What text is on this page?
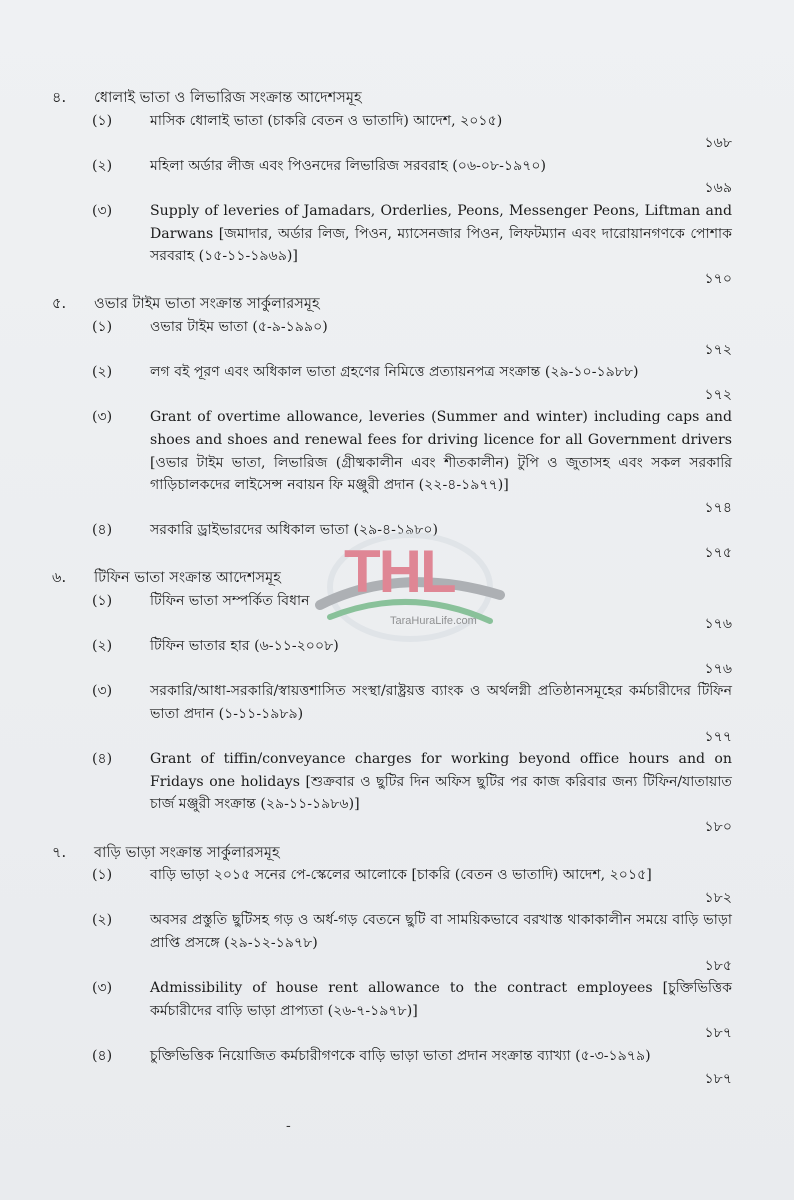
৪.	ধোলাই ভাতা ও লিভারিজ সংক্রান্ত আদেশসমূহ
(১)	মাসিক ধোলাই ভাতা (চাকরি বেতন ও ভাতাদি) আদেশ, ২০১৫)
১৬৮
(২)	মহিলা অর্ডার লীজ এবং পিওনদের লিভারিজ সরবরাহ (০৬-০৮-১৯৭০)
১৬৯
(৩)	Supply of leveries of Jamadars, Orderlies, Peons, Messenger Peons, Liftman and Darwans [জমাদার, অর্ডার লিজ, পিওন, ম্যাসেনজার পিওন, লিফটম্যান এবং দারোয়ানগণকে পোশাক সরবরাহ (১৫-১১-১৯৬৯)]
১৭০
৫.	ওভার টাইম ভাতা সংক্রান্ত সার্কুলারসমূহ
(১)	ওভার টাইম ভাতা (৫-৯-১৯৯০)
১৭২
(২)	লগ বই পূরণ এবং অধিকাল ভাতা গ্রহণের নিমিত্তে প্রত্যায়নপত্র সংক্রান্ত (২৯-১০-১৯৮৮)
১৭২
(৩)	Grant of overtime allowance, leveries (Summer and winter) including caps and shoes and shoes and renewal fees for driving licence for all Government drivers [ওভার টাইম ভাতা, লিভারিজ (গ্রীষ্মকালীন এবং শীতকালীন) টুপি ও জুতাসহ এবং সকল সরকারি গাড়িচালকদের লাইসেন্স নবায়ন ফি মঞ্জুরী প্রদান (২২-৪-১৯৭৭)]
১৭৪
(৪)	সরকারি ড্রাইভারদের অধিকাল ভাতা (২৯-৪-১৯৮০)
১৭৫
৬.	টিফিন ভাতা সংক্রান্ত আদেশসমূহ
(১)	টিফিন ভাতা সম্পর্কিত বিধান
১৭৬
(২)	টিফিন ভাতার হার (৬-১১-২০০৮)
১৭৬
(৩)	সরকারি/আধা-সরকারি/স্বায়ত্তশাসিত সংস্থা/রাষ্ট্রয়ত্ত ব্যাংক ও অর্থলগ্নী প্রতিষ্ঠানসমূহের কর্মচারীদের টিফিন ভাতা প্রদান (১-১১-১৯৮৯)
১৭৭
(৪)	Grant of tiffin/conveyance charges for working beyond office hours and on Fridays one holidays [শুক্রবার ও ছুটির দিন অফিস ছুটির পর কাজ করিবার জন্য টিফিন/যাতায়াত চার্জ মঞ্জুরী সংক্রান্ত (২৯-১১-১৯৮৬)]
১৮০
৭.	বাড়ি ভাড়া সংক্রান্ত সার্কুলারসমূহ
(১)	বাড়ি ভাড়া ২০১৫ সনের পে-স্কেলের আলোকে [চাকরি (বেতন ও ভাতাদি) আদেশ, ২০১৫]
১৮২
(২)	অবসর প্রস্তুতি ছুটিসহ গড় ও অর্ধ-গড় বেতনে ছুটি বা সাময়িকভাবে বরখাস্ত থাকাকালীন সময়ে বাড়ি ভাড়া প্রাপ্তি প্রসঙ্গে (২৯-১২-১৯৭৮)
১৮৫
(৩)	Admissibility of house rent allowance to the contract employees [চুক্তিভিত্তিক কর্মচারীদের বাড়ি ভাড়া প্রাপ্যতা (২৬-৭-১৯৭৮)]
১৮৭
(৪)	চুক্তিভিত্তিক নিয়োজিত কর্মচারীগণকে বাড়ি ভাড়া ভাতা প্রদান সংক্রান্ত ব্যাখ্যা (৫-৩-১৯৭৯)
১৮৭
THL
TaraHuraLife.com
-
